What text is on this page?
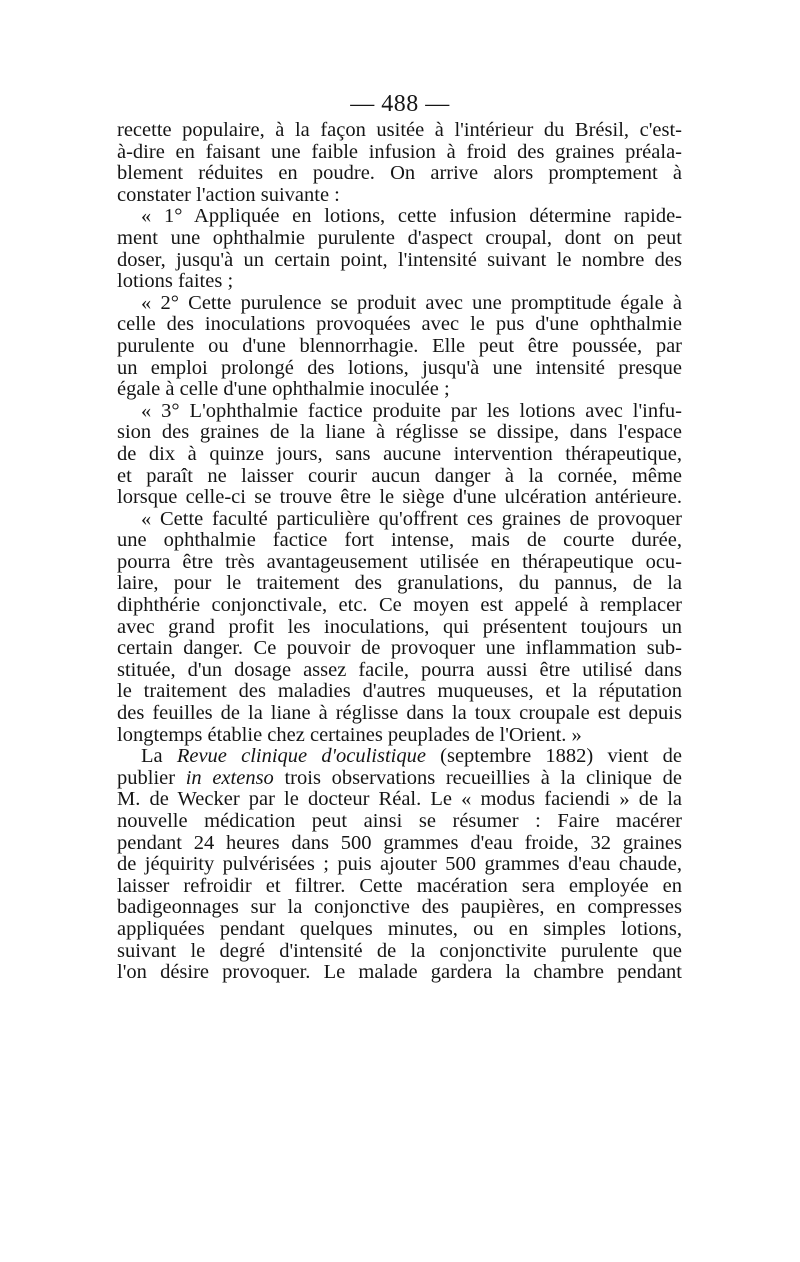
— 488 —
recette populaire, à la façon usitée à l'intérieur du Brésil, c'est-
à-dire en faisant une faible infusion à froid des graines préala-
blement réduites en poudre. On arrive alors promptement à
constater l'action suivante :
« 1° Appliquée en lotions, cette infusion détermine rapide-
ment une ophthalmie purulente d'aspect croupal, dont on peut
doser, jusqu'à un certain point, l'intensité suivant le nombre des
lotions faites ;
« 2° Cette purulence se produit avec une promptitude égale à
celle des inoculations provoquées avec le pus d'une ophthalmie
purulente ou d'une blennorrhagie. Elle peut être poussée, par
un emploi prolongé des lotions, jusqu'à une intensité presque
égale à celle d'une ophthalmie inoculée ;
« 3° L'ophthalmie factice produite par les lotions avec l'infu-
sion des graines de la liane à réglisse se dissipe, dans l'espace
de dix à quinze jours, sans aucune intervention thérapeutique,
et paraît ne laisser courir aucun danger à la cornée, même
lorsque celle-ci se trouve être le siège d'une ulcération antérieure.
« Cette faculté particulière qu'offrent ces graines de provoquer
une ophthalmie factice fort intense, mais de courte durée,
pourra être très avantageusement utilisée en thérapeutique ocu-
laire, pour le traitement des granulations, du pannus, de la
diphthérie conjonctivale, etc. Ce moyen est appelé à remplacer
avec grand profit les inoculations, qui présentent toujours un
certain danger. Ce pouvoir de provoquer une inflammation sub-
stituée, d'un dosage assez facile, pourra aussi être utilisé dans
le traitement des maladies d'autres muqueuses, et la réputation
des feuilles de la liane à réglisse dans la toux croupale est depuis
longtemps établie chez certaines peuplades de l'Orient. »
La Revue clinique d'oculistique (septembre 1882) vient de
publier in extenso trois observations recueillies à la clinique de
M. de Wecker par le docteur Réal. Le « modus faciendi » de la
nouvelle médication peut ainsi se résumer : Faire macérer
pendant 24 heures dans 500 grammes d'eau froide, 32 graines
de jéquirity pulvérisées ; puis ajouter 500 grammes d'eau chaude,
laisser refroidir et filtrer. Cette macération sera employée en
badigeonnages sur la conjonctive des paupières, en compresses
appliquées pendant quelques minutes, ou en simples lotions,
suivant le degré d'intensité de la conjonctivite purulente que
l'on désire provoquer. Le malade gardera la chambre pendant
